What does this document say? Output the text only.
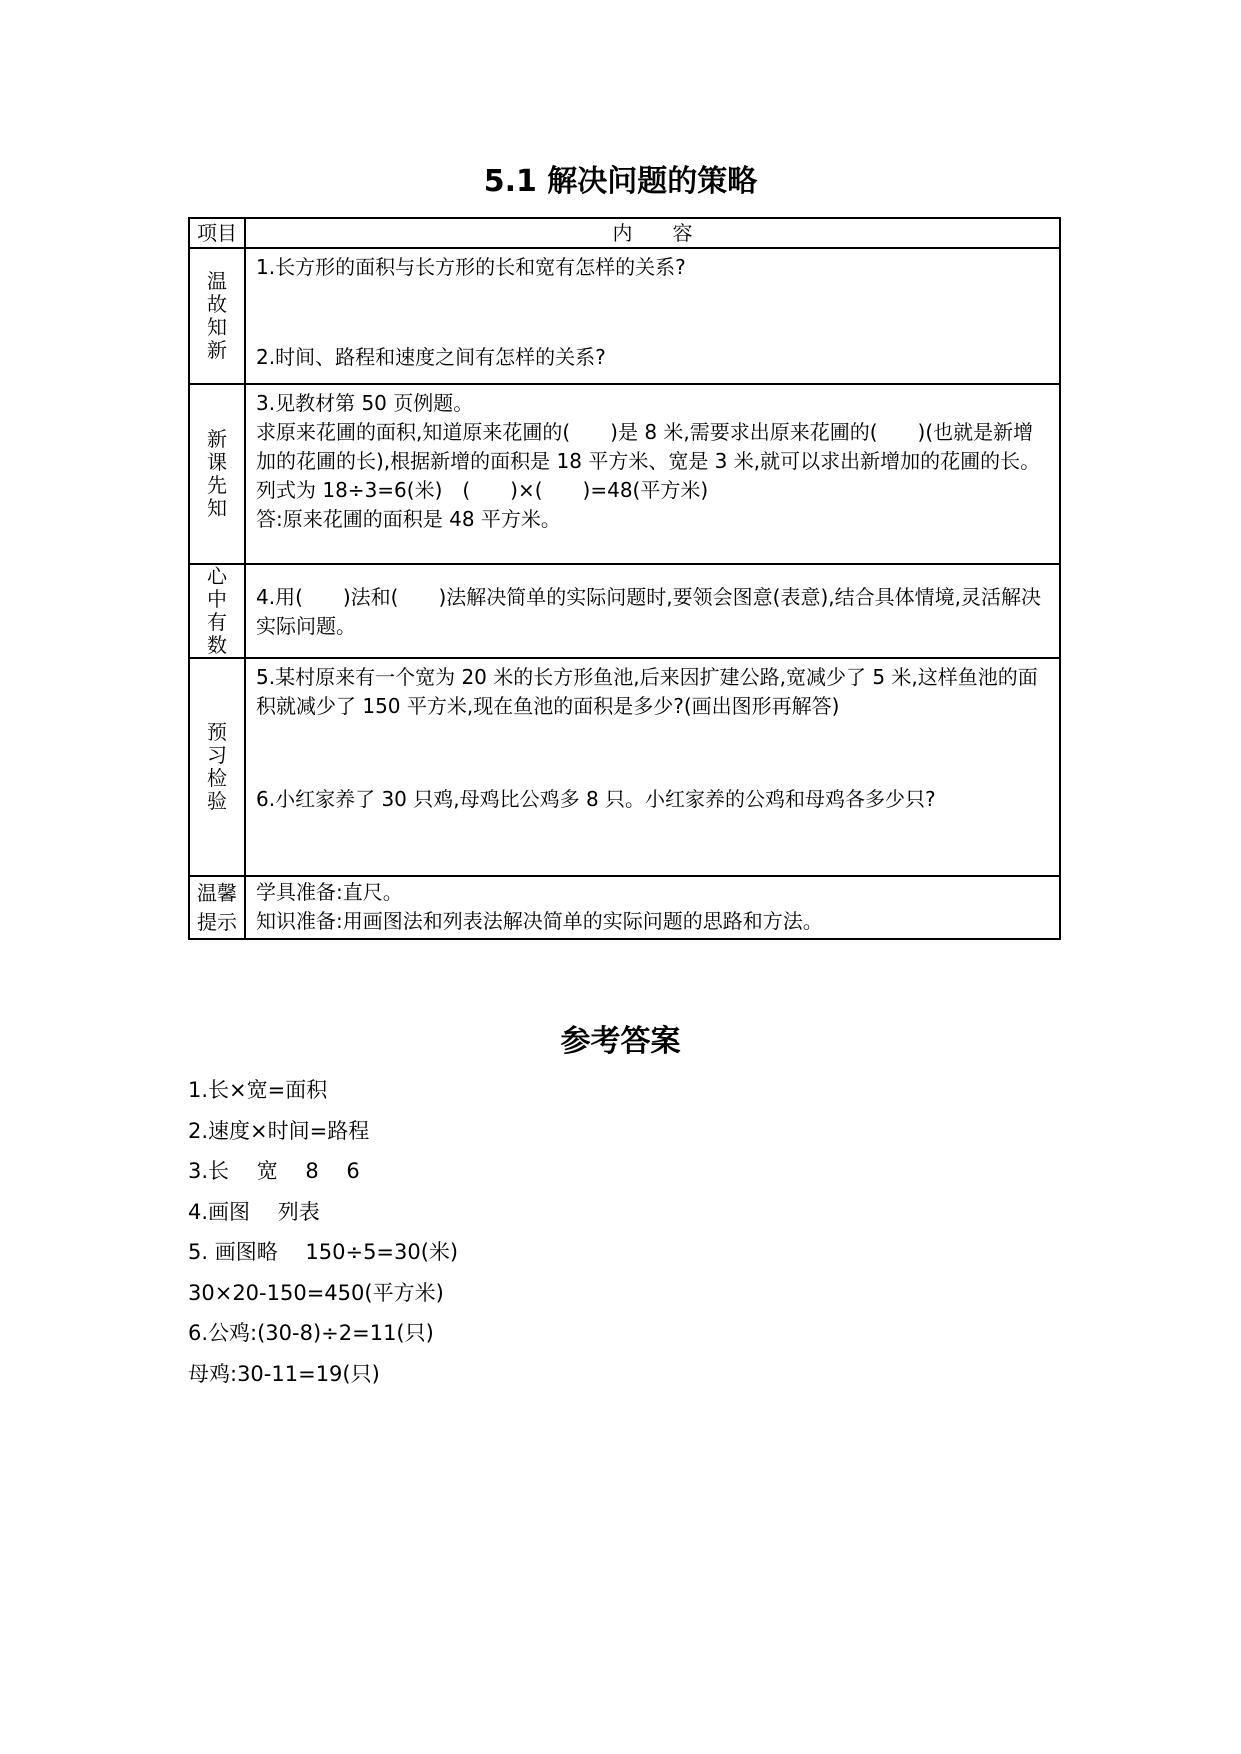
5.1 解决问题的策略
项目	内　　容
温故知新	1.长方形的面积与长方形的长和宽有怎样的关系?
2.时间、路程和速度之间有怎样的关系?

新课先知	3.见教材第 50 页例题。
求原来花圃的面积,知道原来花圃的(　　)是 8 米,需要求出原来花圃的(　　)(也就是新增加的花圃的长),根据新增的面积是 18 平方米、宽是 3 米,就可以求出新增加的花圃的长。
列式为 18÷3=6(米)　(　　)×(　　)=48(平方米)
答:原来花圃的面积是 48 平方米。

心中有数	4.用(　　)法和(　　)法解决简单的实际问题时,要领会图意(表意),结合具体情境,灵活解决实际问题。

预习检验	5.某村原来有一个宽为 20 米的长方形鱼池,后来因扩建公路,宽减少了 5 米,这样鱼池的面积就减少了 150 平方米,现在鱼池的面积是多少?(画出图形再解答)
6.小红家养了 30 只鸡,母鸡比公鸡多 8 只。小红家养的公鸡和母鸡各多少只?

温馨
提示	学具准备:直尺。
知识准备:用画图法和列表法解决简单的实际问题的思路和方法。
参考答案
1.长×宽=面积
2.速度×时间=路程
3.长　 宽　 8　 6
4.画图　 列表
5. 画图略　 150÷5=30(米)
30×20-150=450(平方米)
6.公鸡:(30-8)÷2=11(只)
母鸡:30-11=19(只)
